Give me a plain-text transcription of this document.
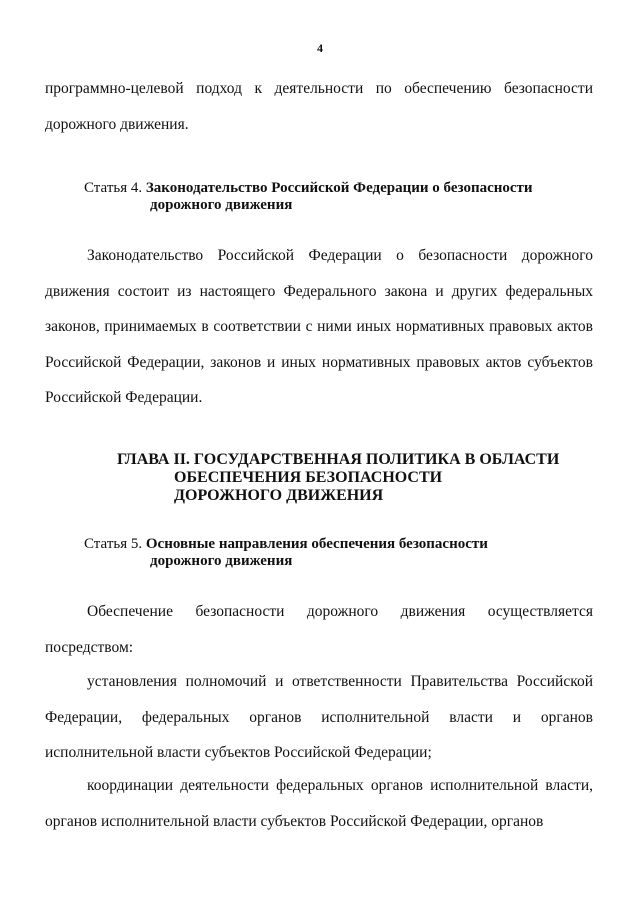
4

программно-целевой подход к деятельности по обеспечению безопасности дорожного движения.

Статья 4. Законодательство Российской Федерации о безопасности
дорожного движения

Законодательство Российской Федерации о безопасности дорожного движения состоит из настоящего Федерального закона и других федеральных законов, принимаемых в соответствии с ними иных нормативных правовых актов Российской Федерации, законов и иных нормативных правовых актов субъектов Российской Федерации.

ГЛАВА II. ГОСУДАРСТВЕННАЯ ПОЛИТИКА В ОБЛАСТИ
ОБЕСПЕЧЕНИЯ БЕЗОПАСНОСТИ
ДОРОЖНОГО ДВИЖЕНИЯ
Статья 5. Основные направления обеспечения безопасности
дорожного движения

Обеспечение безопасности дорожного движения осуществляется посредством:

установления полномочий и ответственности Правительства Российской Федерации, федеральных органов исполнительной власти и органов исполнительной власти субъектов Российской Федерации;

координации деятельности федеральных органов исполнительной власти, органов исполнительной власти субъектов Российской Федерации, органов
